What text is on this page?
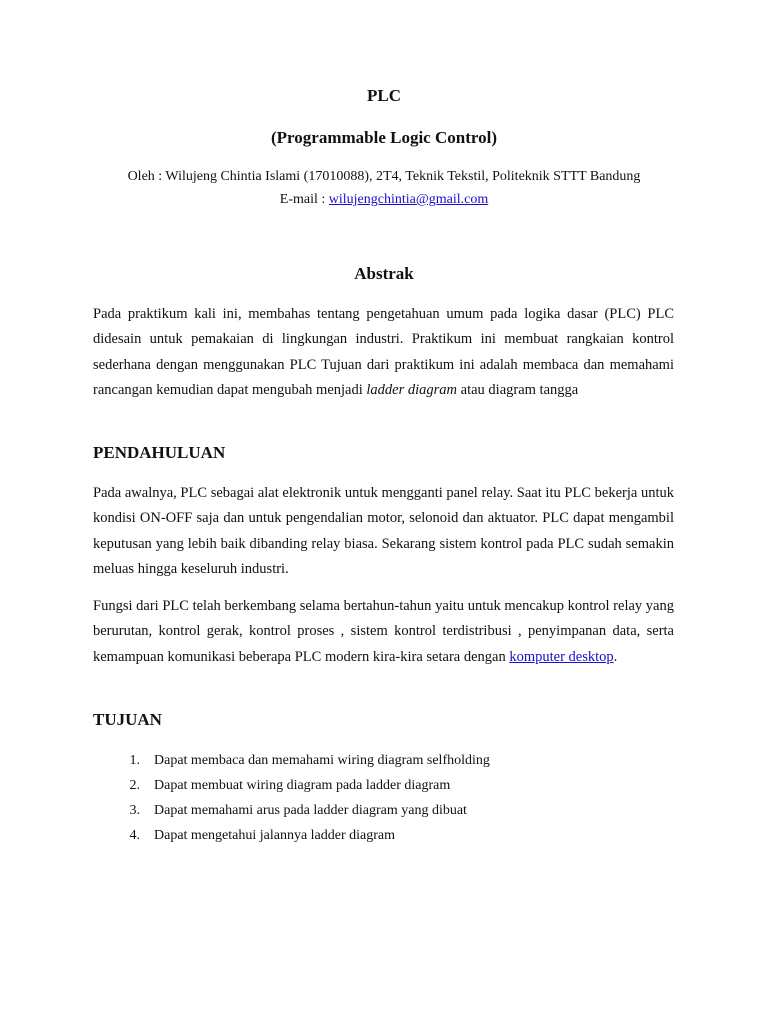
PLC
(Programmable Logic Control)
Oleh : Wilujeng Chintia Islami (17010088), 2T4, Teknik Tekstil, Politeknik STTT Bandung
E-mail : wilujengchintia@gmail.com
Abstrak
Pada praktikum kali ini, membahas tentang pengetahuan umum pada logika dasar (PLC) PLC didesain untuk pemakaian di lingkungan industri. Praktikum ini membuat rangkaian kontrol sederhana dengan menggunakan PLC Tujuan dari praktikum ini adalah membaca dan memahami rancangan kemudian dapat mengubah menjadi ladder diagram atau diagram tangga
PENDAHULUAN
Pada awalnya, PLC sebagai alat elektronik untuk mengganti panel relay. Saat itu PLC bekerja untuk kondisi ON-OFF saja dan untuk pengendalian motor, selonoid dan aktuator. PLC dapat mengambil keputusan yang lebih baik dibanding relay biasa. Sekarang sistem kontrol pada PLC sudah semakin meluas hingga keseluruh industri.
Fungsi dari PLC telah berkembang selama bertahun-tahun yaitu untuk mencakup kontrol relay yang berurutan, kontrol gerak, kontrol proses , sistem kontrol terdistribusi , penyimpanan data, serta kemampuan komunikasi beberapa PLC modern kira-kira setara dengan komputer desktop.
TUJUAN
1. Dapat membaca dan memahami wiring diagram selfholding
2. Dapat membuat wiring diagram pada ladder diagram
3. Dapat memahami arus pada ladder diagram yang dibuat
4. Dapat mengetahui jalannya ladder diagram
